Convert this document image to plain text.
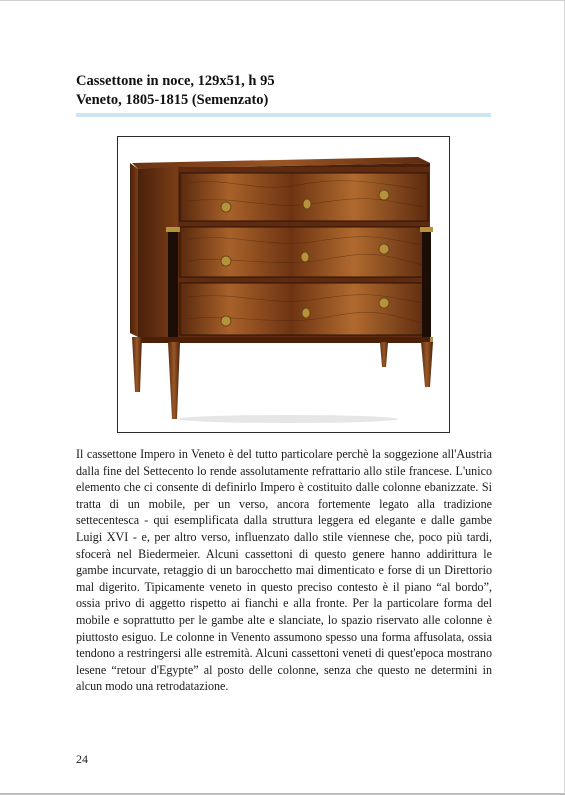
Cassettone in noce, 129x51, h 95
Veneto, 1805-1815 (Semenzato)
Il cassettone Impero in Veneto è del tutto particolare perchè la soggezione all'Austria dalla fine del Settecento lo rende assolutamente refrattario allo stile francese. L'unico elemento che ci consente di definirlo Impero è costituito dalle colonne ebanizzate. Si tratta di un mobile, per un verso, ancora fortemente legato alla tradizione settecentesca - qui esemplificata dalla struttura leggera ed elegante e dalle gambe Luigi XVI - e, per altro verso, influenzato dallo stile viennese che, poco più tardi, sfocerà nel Biedermeier. Alcuni cassettoni di questo genere hanno addirittura le gambe incurvate, retaggio di un barocchetto mai dimenticato e forse di un Direttorio mal digerito. Tipicamente veneto in questo preciso contesto è il piano “al bordo”, ossia privo di aggetto rispetto ai fianchi e alla fronte. Per la particolare forma del mobile e soprattutto per le gambe alte e slanciate, lo spazio riservato alle colonne è piuttosto esiguo. Le colonne in Venento assumono spesso una forma affusolata, ossia tendono a restringersi alle estremità. Alcuni cassettoni veneti di quest'epoca mostrano lesene “retour d'Egypte” al posto delle colonne, senza che questo ne determini in alcun modo una retrodatazione.
24
